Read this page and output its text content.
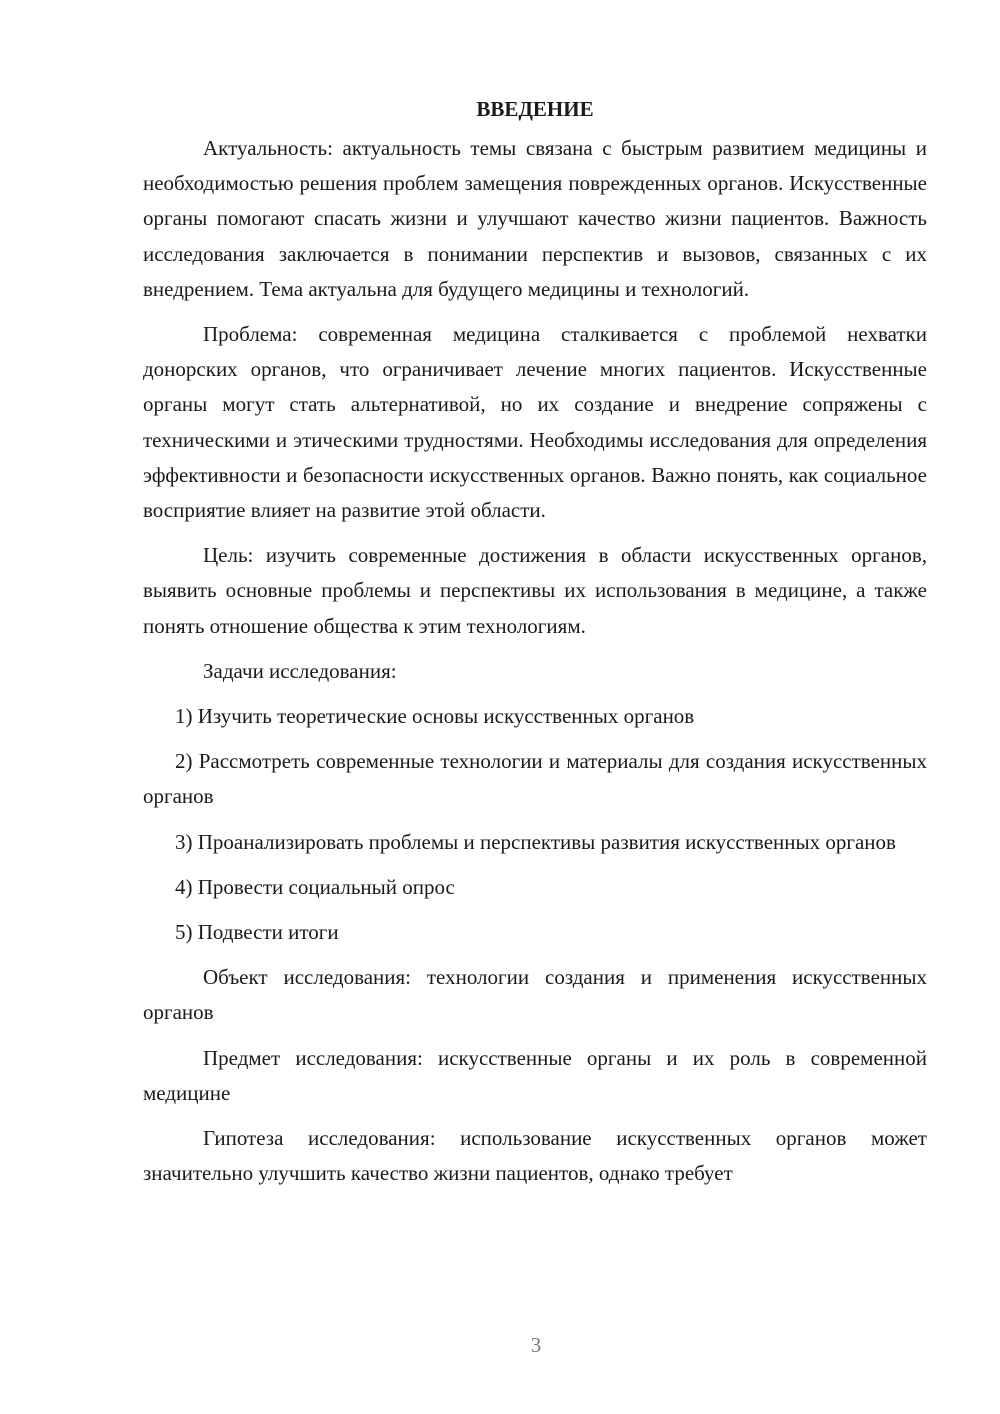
ВВЕДЕНИЕ

Актуальность: актуальность темы связана с быстрым развитием медицины и необходимостью решения проблем замещения поврежденных органов. Искусственные органы помогают спасать жизни и улучшают качество жизни пациентов. Важность исследования заключается в понимании перспектив и вызовов, связанных с их внедрением. Тема актуальна для будущего медицины и технологий.

Проблема: современная медицина сталкивается с проблемой нехватки донорских органов, что ограничивает лечение многих пациентов. Искусственные органы могут стать альтернативой, но их создание и внедрение сопряжены с техническими и этическими трудностями. Необходимы исследования для определения эффективности и безопасности искусственных органов. Важно понять, как социальное восприятие влияет на развитие этой области.

Цель: изучить современные достижения в области искусственных органов, выявить основные проблемы и перспективы их использования в медицине, а также понять отношение общества к этим технологиям.

Задачи исследования:

1) Изучить теоретические основы искусственных органов

2) Рассмотреть современные технологии и материалы для создания искусственных органов

3) Проанализировать проблемы и перспективы развития искусственных органов

4) Провести социальный опрос

5) Подвести итоги

Объект исследования: технологии создания и применения искусственных органов

Предмет исследования: искусственные органы и их роль в современной медицине

Гипотеза исследования: использование искусственных органов может значительно улучшить качество жизни пациентов, однако требует

3
